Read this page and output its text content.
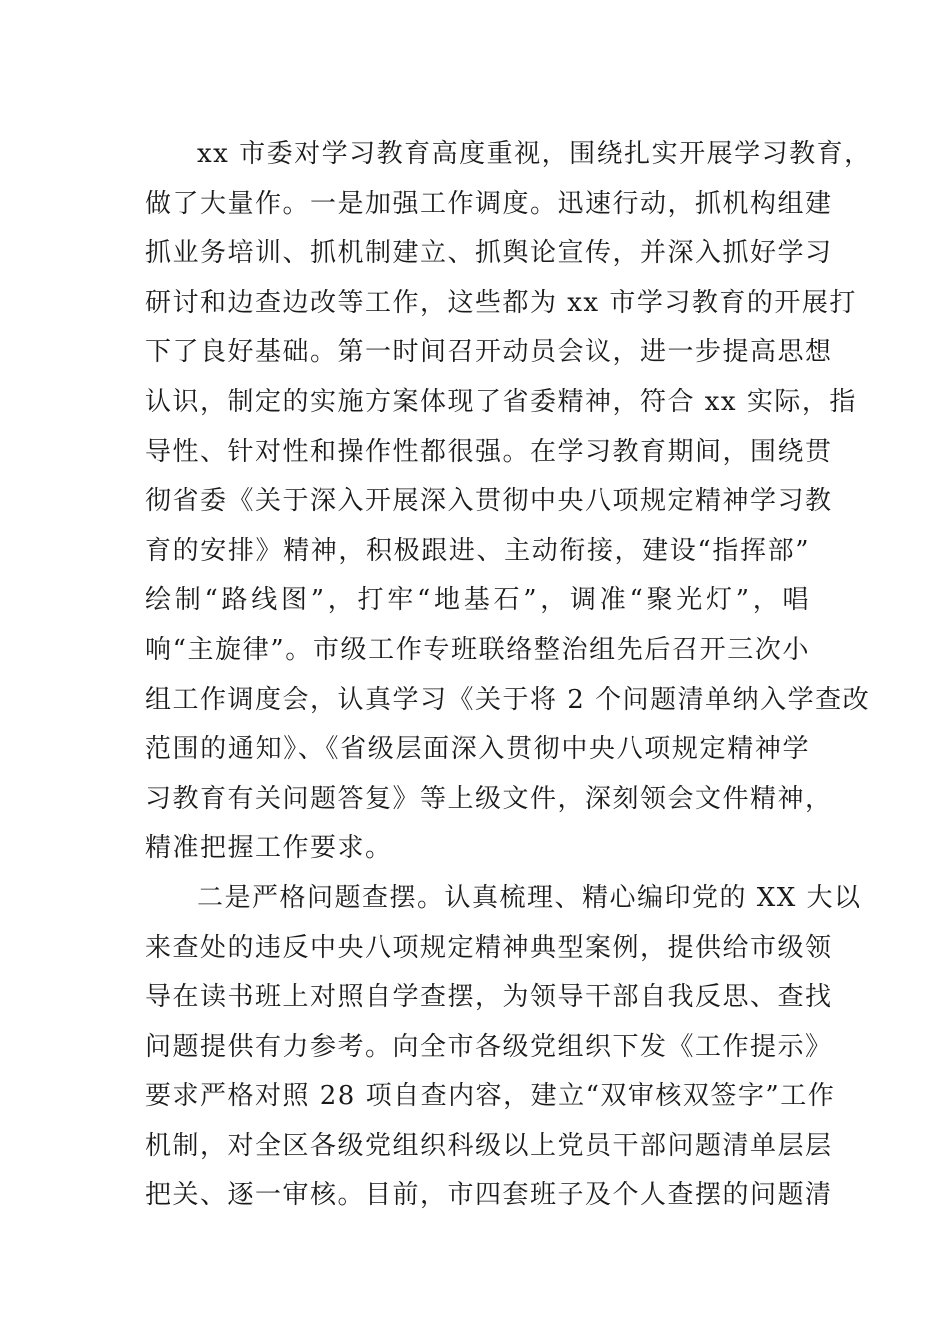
xx 市委对学习教育高度重视，围绕扎实开展学习教育，
做了大量作。一是加强工作调度。迅速行动，抓机构组建
抓业务培训、抓机制建立、抓舆论宣传，并深入抓好学习
研讨和边查边改等工作，这些都为 xx 市学习教育的开展打
下了良好基础。第一时间召开动员会议，进一步提高思想
认识，制定的实施方案体现了省委精神，符合 xx 实际，指
导性、针对性和操作性都很强。在学习教育期间，围绕贯
彻省委《关于深入开展深入贯彻中央八项规定精神学习教
育的安排》精神，积极跟进、主动衔接，建设“指挥部”
绘制“路线图”，打牢“地基石”，调准“聚光灯”，唱
响“主旋律”。市级工作专班联络整治组先后召开三次小
组工作调度会，认真学习《关于将 2 个问题清单纳入学查改
范围的通知》、《省级层面深入贯彻中央八项规定精神学
习教育有关问题答复》等上级文件，深刻领会文件精神，
精准把握工作要求。
二是严格问题查摆。认真梳理、精心编印党的 XX 大以
来查处的违反中央八项规定精神典型案例，提供给市级领
导在读书班上对照自学查摆，为领导干部自我反思、查找
问题提供有力参考。向全市各级党组织下发《工作提示》
要求严格对照 28 项自查内容，建立“双审核双签字”工作
机制，对全区各级党组织科级以上党员干部问题清单层层
把关、逐一审核。目前，市四套班子及个人查摆的问题清
